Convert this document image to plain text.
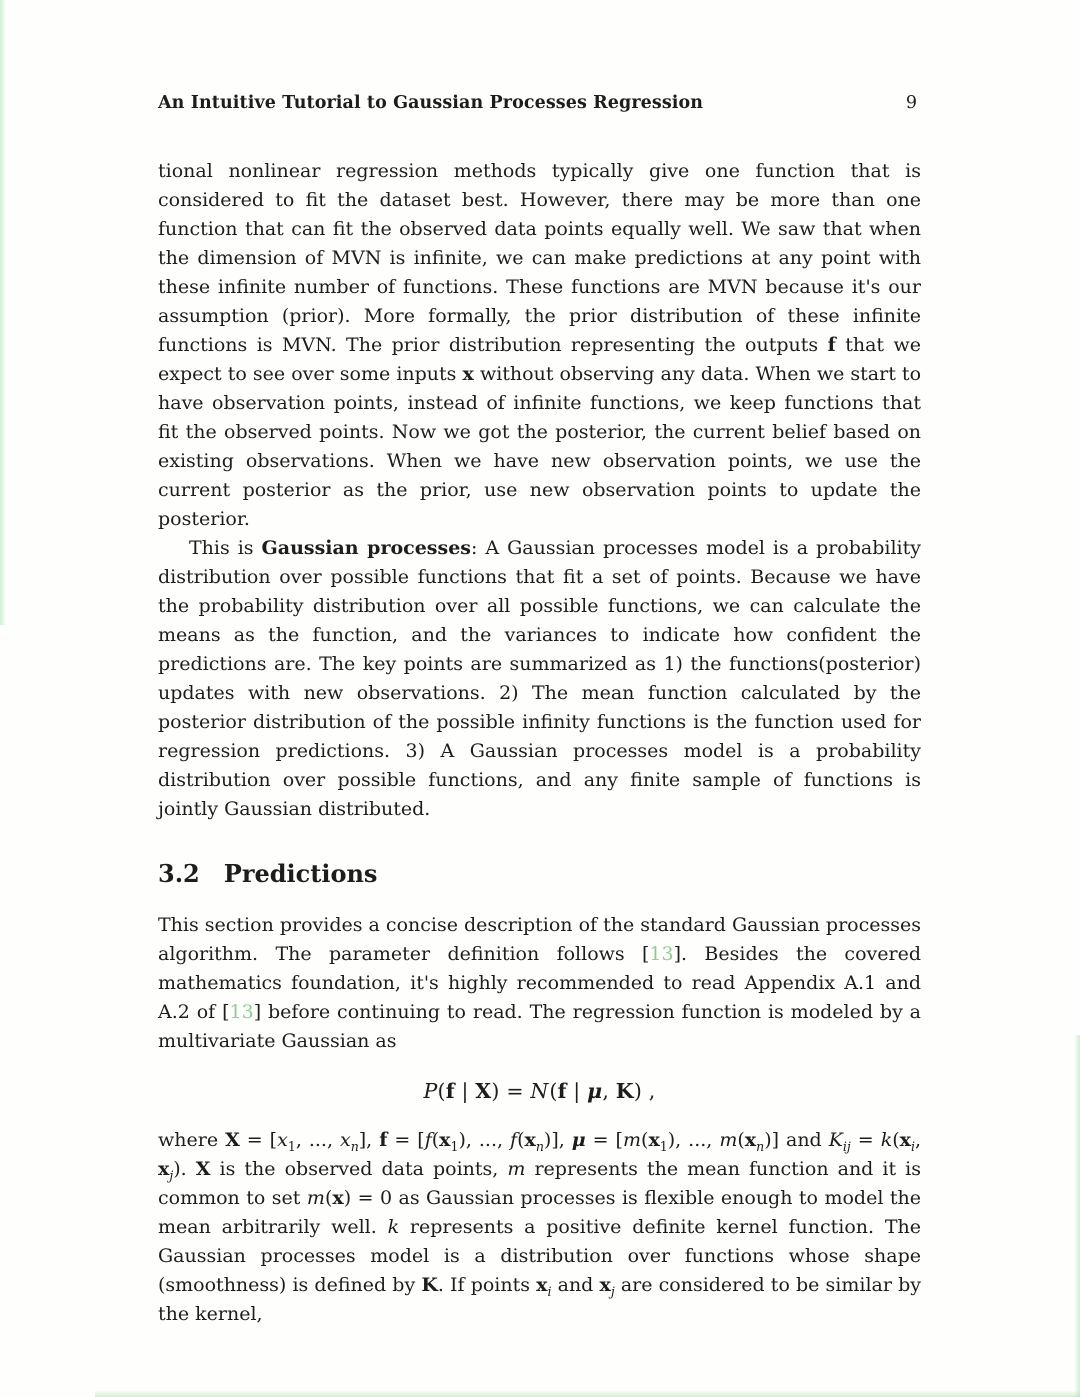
An Intuitive Tutorial to Gaussian Processes Regression	9

tional nonlinear regression methods typically give one function that is considered to fit the dataset best. However, there may be more than one function that can fit the observed data points equally well. We saw that when the dimension of MVN is infinite, we can make predictions at any point with these infinite number of functions. These functions are MVN because it's our assumption (prior). More formally, the prior distribution of these infinite functions is MVN. The prior distribution representing the outputs f that we expect to see over some inputs x without observing any data. When we start to have observation points, instead of infinite functions, we keep functions that fit the observed points. Now we got the posterior, the current belief based on existing observations. When we have new observation points, we use the current posterior as the prior, use new observation points to update the posterior.

This is Gaussian processes: A Gaussian processes model is a probability distribution over possible functions that fit a set of points. Because we have the probability distribution over all possible functions, we can calculate the means as the function, and the variances to indicate how confident the predictions are. The key points are summarized as 1) the functions(posterior) updates with new observations. 2) The mean function calculated by the posterior distribution of the possible infinity functions is the function used for regression predictions. 3) A Gaussian processes model is a probability distribution over possible functions, and any finite sample of functions is jointly Gaussian distributed.

3.2 Predictions

This section provides a concise description of the standard Gaussian processes algorithm. The parameter definition follows [13]. Besides the covered mathematics foundation, it's highly recommended to read Appendix A.1 and A.2 of [13] before continuing to read. The regression function is modeled by a multivariate Gaussian as

P(f | X) = N(f | μ, K) ,

where $X = [x_1$, ..., $x_n$], $f = [f(x_1)$, ..., $f(x_n)$], $\mu = [m(x_1)$, ..., $m(x_n)$] and $K_{ij} = k(x_i$, $x_j$). X is the observed data points, m represents the mean function and it is common to set m(x) = 0 as Gaussian processes is flexible enough to model the mean arbitrarily well. k represents a positive definite kernel function. The Gaussian processes model is a distribution over functions whose shape (smoothness) is defined by K. If points $x_i$ and $x_j$ are considered to be similar by the kernel,
